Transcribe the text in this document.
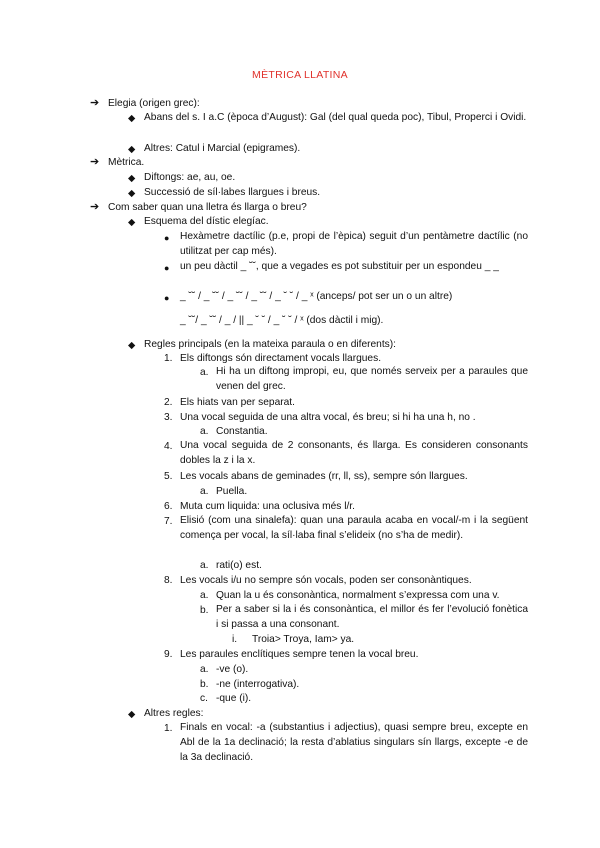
MÈTRICA LLATINA
➔ Elegia (origen grec):
◆ Abans del s. I a.C (època d’August): Gal (del qual queda poc), Tibul, Properci i Ovidi.
◆ Altres: Catul i Marcial (epigrames).
➔ Mètrica.
◆ Diftongs: ae, au, oe.
◆ Successió de síl·labes llargues i breus.
➔ Com saber quan una lletra és llarga o breu?
◆ Esquema del dístic elegíac.
● Hexàmetre dactílic (p.e, propi de l’èpica) seguit d’un pentàmetre dactílic (no utilitzat per cap més).
● un peu dàctil _ ˘˘, que a vegades es pot substituir per un espondeu _ _
● _ ˘˘ / _ ˘˘ / _ ˘˘ / _ ˘˘ / _ ˘ ˘ / _ ˣ (anceps/ pot ser un o un altre)
_ ˘˘/ _ ˘˘ / _ / || _ ˘ ˘ / _ ˘ ˘ / ˣ (dos dàctil i mig).
◆ Regles principals (en la mateixa paraula o en diferents):
1. Els diftongs són directament vocals llargues.
a. Hi ha un diftong impropi, eu, que només serveix per a paraules que venen del grec.
2. Els hiats van per separat.
3. Una vocal seguida de una altra vocal, és breu; si hi ha una h, no .
a. Constantia.
4. Una vocal seguida de 2 consonants, és llarga. Es consideren consonants dobles la z i la x.
5. Les vocals abans de geminades (rr, ll, ss), sempre són llargues.
a. Puella.
6. Muta cum liquida: una oclusiva més l/r.
7. Elisió (com una sinalefa): quan una paraula acaba en vocal/-m i la següent comença per vocal, la síl·laba final s’elideix (no s’ha de medir).
a. rati(o) est.
8. Les vocals i/u no sempre són vocals, poden ser consonàntiques.
a. Quan la u és consonàntica, normalment s’expressa com una v.
b. Per a saber si la i és consonàntica, el millor és fer l’evolució fonètica i si passa a una consonant.
i. Troia> Troya, Iam> ya.
9. Les paraules enclítiques sempre tenen la vocal breu.
a. -ve (o).
b. -ne (interrogativa).
c. -que (i).
◆ Altres regles:
1. Finals en vocal: -a (substantius i adjectius), quasi sempre breu, excepte en Abl de la 1a declinació; la resta d’ablatius singulars sín llargs, excepte -e de la 3a declinació.
